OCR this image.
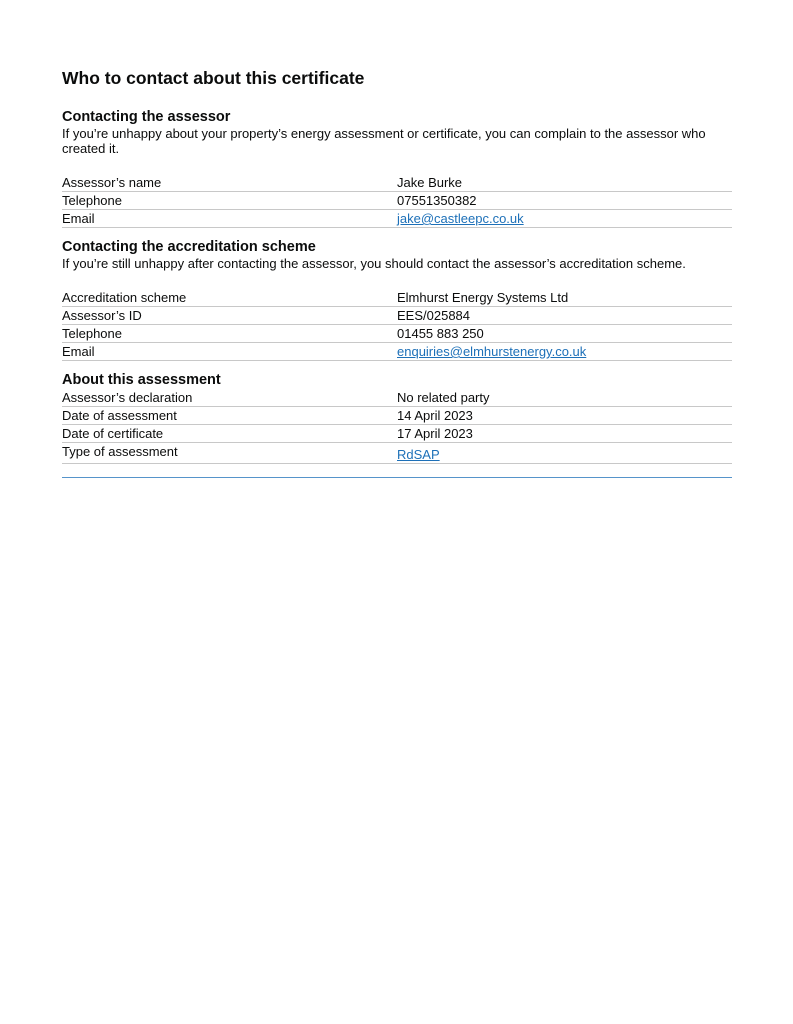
Who to contact about this certificate
Contacting the assessor

If you’re unhappy about your property’s energy assessment or certificate, you can complain to the assessor who created it.

Assessor’s name	Jake Burke
Telephone	07551350382
Email	jake@castleepc.co.uk
Contacting the accreditation scheme

If you’re still unhappy after contacting the assessor, you should contact the assessor’s accreditation scheme.

Accreditation scheme	Elmhurst Energy Systems Ltd
Assessor’s ID	EES/025884
Telephone	01455 883 250
Email	enquiries@elmhurstenergy.co.uk
About this assessment
Assessor’s declaration	No related party
Date of assessment	14 April 2023
Date of certificate	17 April 2023
Type of assessment	RdSAP
